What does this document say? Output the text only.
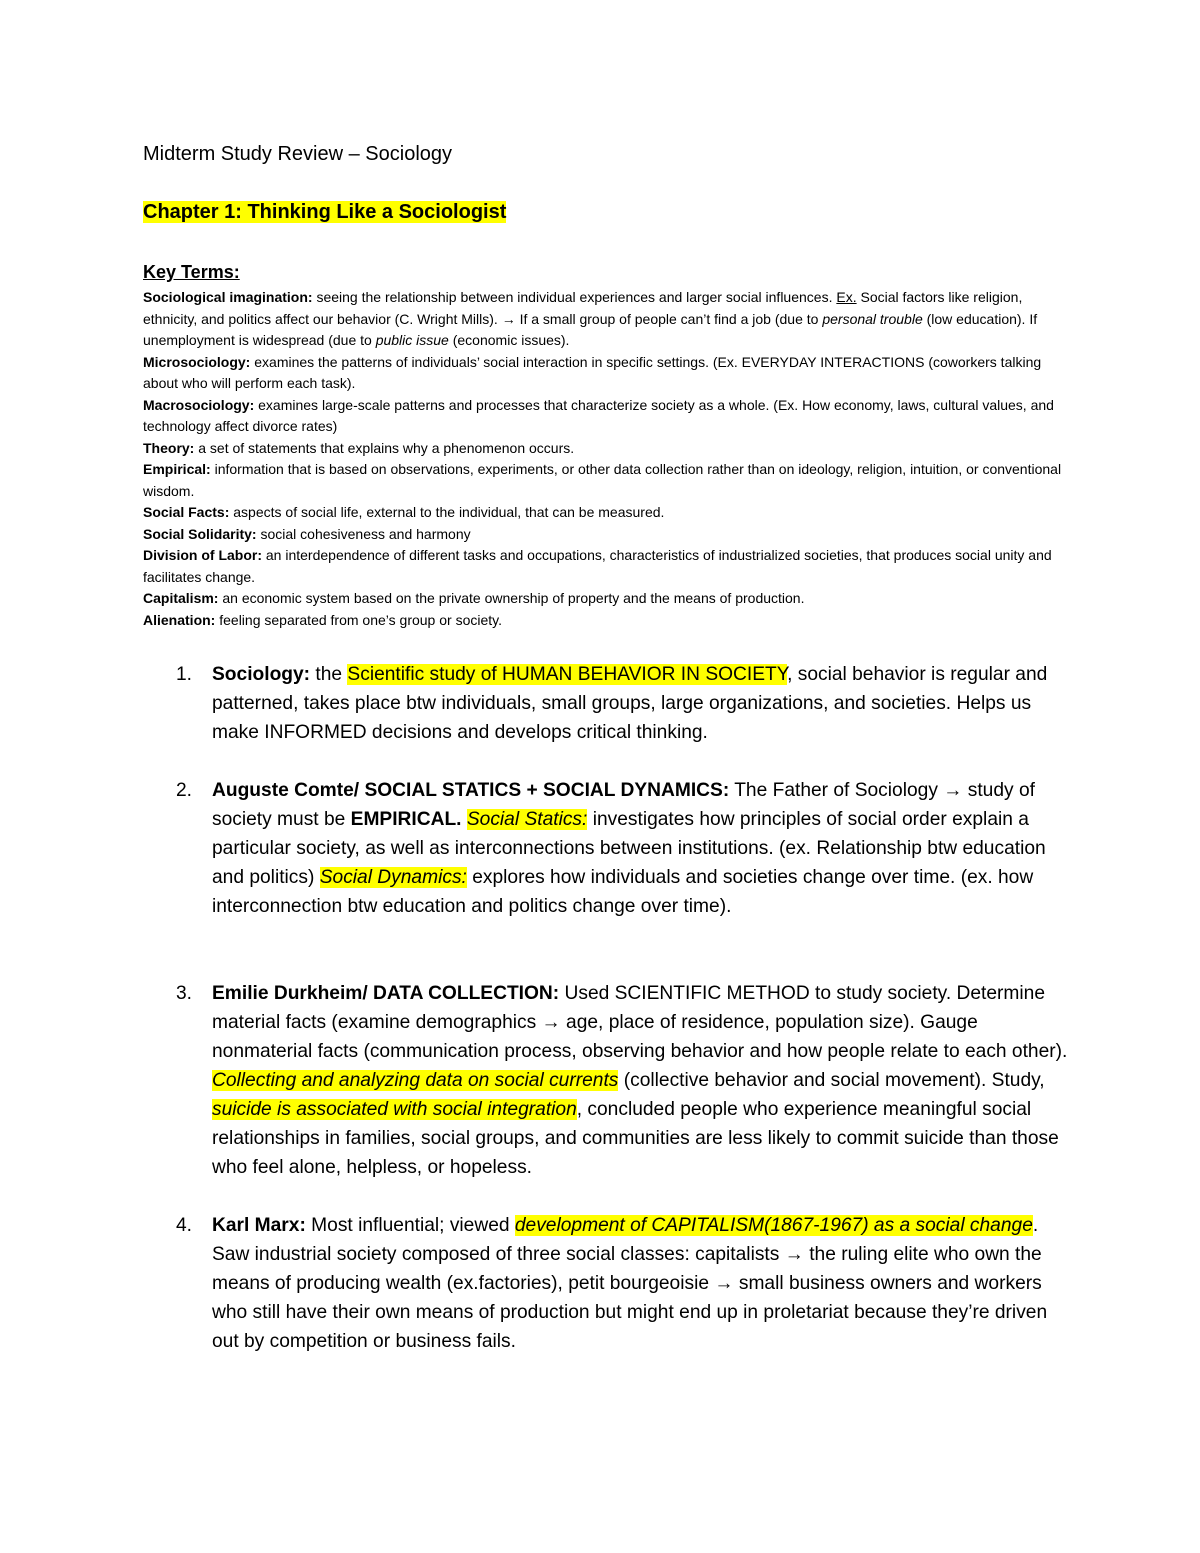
Midterm Study Review – Sociology
Chapter 1: Thinking Like a Sociologist
Key Terms:

Sociological imagination: seeing the relationship between individual experiences and larger social influences. Ex. Social factors like religion, ethnicity, and politics affect our behavior (C. Wright Mills). → If a small group of people can’t find a job (due to personal trouble (low education). If unemployment is widespread (due to public issue (economic issues).

Microsociology: examines the patterns of individuals’ social interaction in specific settings. (Ex. EVERYDAY INTERACTIONS (coworkers talking about who will perform each task).

Macrosociology: examines large-scale patterns and processes that characterize society as a whole. (Ex. How economy, laws, cultural values, and technology affect divorce rates)

Theory: a set of statements that explains why a phenomenon occurs.

Empirical: information that is based on observations, experiments, or other data collection rather than on ideology, religion, intuition, or conventional wisdom.

Social Facts: aspects of social life, external to the individual, that can be measured.

Social Solidarity: social cohesiveness and harmony

Division of Labor: an interdependence of different tasks and occupations, characteristics of industrialized societies, that produces social unity and facilitates change.

Capitalism: an economic system based on the private ownership of property and the means of production.

Alienation: feeling separated from one’s group or society.

1. Sociology: the Scientific study of HUMAN BEHAVIOR IN SOCIETY, social behavior is regular and patterned, takes place btw individuals, small groups, large organizations, and societies. Helps us make INFORMED decisions and develops critical thinking.
2. Auguste Comte/ SOCIAL STATICS + SOCIAL DYNAMICS: The Father of Sociology → study of society must be EMPIRICAL. Social Statics: investigates how principles of social order explain a particular society, as well as interconnections between institutions. (ex. Relationship btw education and politics) Social Dynamics: explores how individuals and societies change over time. (ex. how interconnection btw education and politics change over time).
3. Emilie Durkheim/ DATA COLLECTION: Used SCIENTIFIC METHOD to study society. Determine material facts (examine demographics → age, place of residence, population size). Gauge nonmaterial facts (communication process, observing behavior and how people relate to each other). Collecting and analyzing data on social currents (collective behavior and social movement). Study, suicide is associated with social integration, concluded people who experience meaningful social relationships in families, social groups, and communities are less likely to commit suicide than those who feel alone, helpless, or hopeless.
4. Karl Marx: Most influential; viewed development of CAPITALISM(1867-1967) as a social change. Saw industrial society composed of three social classes: capitalists → the ruling elite who own the means of producing wealth (ex.factories), petit bourgeoisie → small business owners and workers who still have their own means of production but might end up in proletariat because they’re driven out by competition or business fails.
